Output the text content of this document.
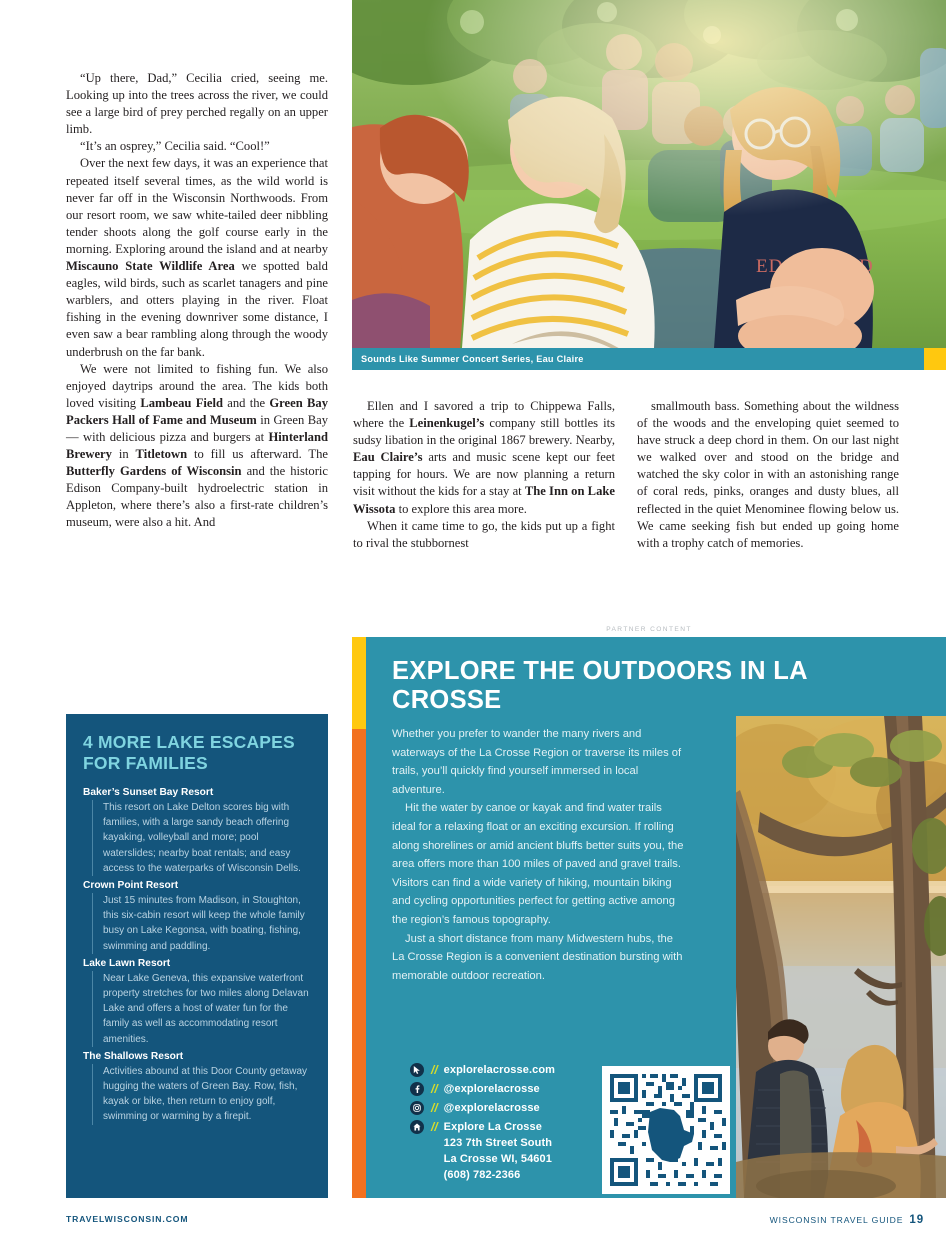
Sounds Like Summer Concert Series, Eau Claire

“Up there, Dad,” Cecilia cried, seeing me. Looking up into the trees across the river, we could see a large bird of prey perched regally on an upper limb.

“It’s an osprey,” Cecilia said. “Cool!”

Over the next few days, it was an experience that repeated itself several times, as the wild world is never far off in the Wisconsin Northwoods. From our resort room, we saw white-tailed deer nibbling tender shoots along the golf course early in the morning. Exploring around the island and at nearby Miscauno State Wildlife Area we spotted bald eagles, wild birds, such as scarlet tanagers and pine warblers, and otters playing in the river. Float fishing in the evening downriver some distance, I even saw a bear rambling along through the woody underbrush on the far bank.

We were not limited to fishing fun. We also enjoyed daytrips around the area. The kids both loved visiting Lambeau Field and the Green Bay Packers Hall of Fame and Museum in Green Bay — with delicious pizza and burgers at Hinterland Brewery in Titletown to fill us afterward. The Butterfly Gardens of Wisconsin and the historic Edison Company-built hydroelectric station in Appleton, where there’s also a first-rate children’s museum, were also a hit. And

Ellen and I savored a trip to Chippewa Falls, where the Leinenkugel’s company still bottles its sudsy libation in the original 1867 brewery. Nearby, Eau Claire’s arts and music scene kept our feet tapping for hours. We are now planning a return visit without the kids for a stay at The Inn on Lake Wissota to explore this area more.

When it came time to go, the kids put up a fight to rival the stubbornest

smallmouth bass. Something about the wildness of the woods and the enveloping quiet seemed to have struck a deep chord in them. On our last night we walked over and stood on the bridge and watched the sky color in with an astonishing range of coral reds, pinks, oranges and dusty blues, all reflected in the quiet Menominee flowing below us. We came seeking fish but ended up going home with a trophy catch of memories.

4 MORE LAKE ESCAPES FOR FAMILIES
Baker’s Sunset Bay Resort
This resort on Lake Delton scores big with families, with a large sandy beach offering kayaking, volleyball and more; pool waterslides; nearby boat rentals; and easy access to the waterparks of Wisconsin Dells.
Crown Point Resort
Just 15 minutes from Madison, in Stoughton, this six-cabin resort will keep the whole family busy on Lake Kegonsa, with boating, fishing, swimming and paddling.
Lake Lawn Resort
Near Lake Geneva, this expansive waterfront property stretches for two miles along Delavan Lake and offers a host of water fun for the family as well as accommodating resort amenities.
The Shallows Resort
Activities abound at this Door County getaway hugging the waters of Green Bay. Row, fish, kayak or bike, then return to enjoy golf, swimming or warming by a firepit.
PARTNER CONTENT
EXPLORE THE OUTDOORS IN LA CROSSE

Whether you prefer to wander the many rivers and waterways of the La Crosse Region or traverse its miles of trails, you’ll quickly find yourself immersed in local adventure.

Hit the water by canoe or kayak and find water trails ideal for a relaxing float or an exciting excursion. If rolling along shorelines or amid ancient bluffs better suits you, the area offers more than 100 miles of paved and gravel trails. Visitors can find a wide variety of hiking, mountain biking and cycling opportunities perfect for getting active among the region’s famous topography.

Just a short distance from many Midwestern hubs, the La Crosse Region is a convenient destination bursting with memorable outdoor recreation.

// explorelacrosse.com
// @explorelacrosse
// @explorelacrosse
// Explore La Crosse
123 7th Street South
La Crosse WI, 54601
(608) 782-2366
TRAVELWISCONSIN.COM	WISCONSIN TRAVEL GUIDE 19
